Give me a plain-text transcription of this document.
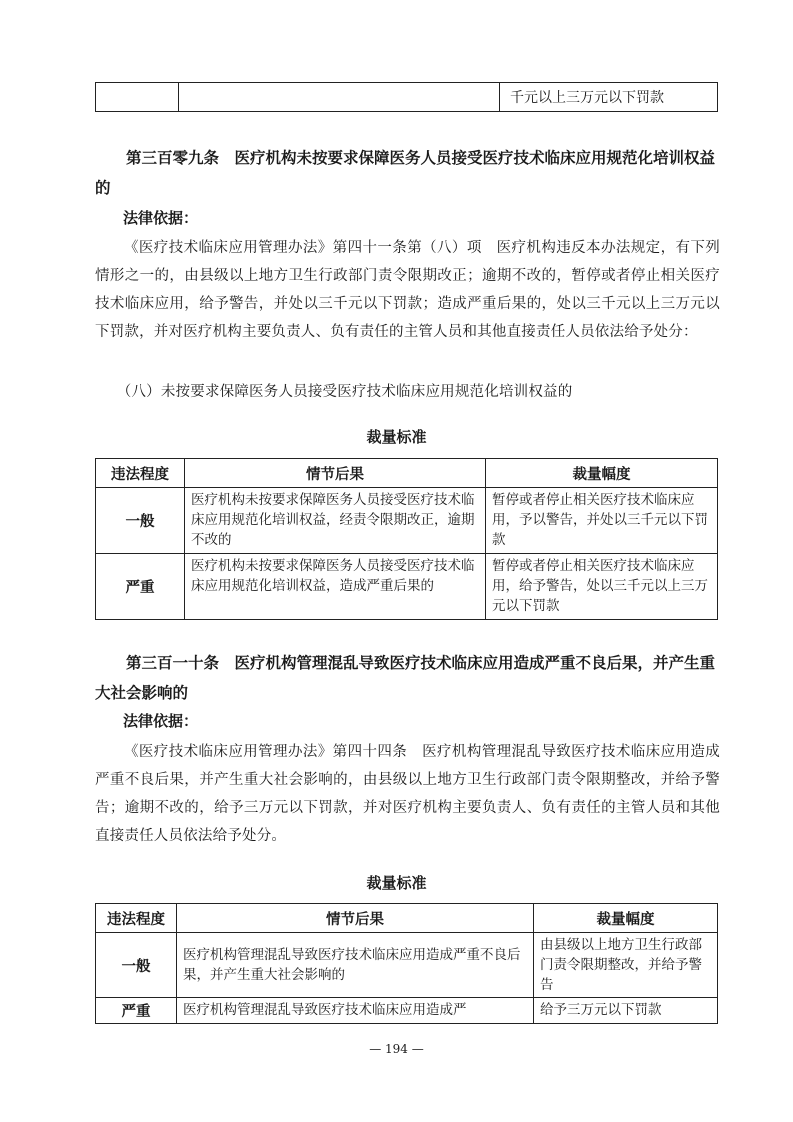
		千元以上三万元以下罚款

第三百零九条　医疗机构未按要求保障医务人员接受医疗技术临床应用规范化培训权益的

法律依据：

《医疗技术临床应用管理办法》第四十一条第（八）项　医疗机构违反本办法规定，有下列情形之一的，由县级以上地方卫生行政部门责令限期改正；逾期不改的，暂停或者停止相关医疗技术临床应用，给予警告，并处以三千元以下罚款；造成严重后果的，处以三千元以上三万元以下罚款，并对医疗机构主要负责人、负有责任的主管人员和其他直接责任人员依法给予处分：

（八）未按要求保障医务人员接受医疗技术临床应用规范化培训权益的

裁量标准
违法程度	情节后果	裁量幅度
一般	医疗机构未按要求保障医务人员接受医疗技术临床应用规范化培训权益，经责令限期改正，逾期不改的	暂停或者停止相关医疗技术临床应用，予以警告，并处以三千元以下罚款
严重	医疗机构未按要求保障医务人员接受医疗技术临床应用规范化培训权益，造成严重后果的	暂停或者停止相关医疗技术临床应用，给予警告，处以三千元以上三万元以下罚款

第三百一十条　医疗机构管理混乱导致医疗技术临床应用造成严重不良后果，并产生重大社会影响的

法律依据：

《医疗技术临床应用管理办法》第四十四条　医疗机构管理混乱导致医疗技术临床应用造成严重不良后果，并产生重大社会影响的，由县级以上地方卫生行政部门责令限期整改，并给予警告；逾期不改的，给予三万元以下罚款，并对医疗机构主要负责人、负有责任的主管人员和其他直接责任人员依法给予处分。

裁量标准
违法程度	情节后果	裁量幅度
一般	医疗机构管理混乱导致医疗技术临床应用造成严重不良后果，并产生重大社会影响的	由县级以上地方卫生行政部门责令限期整改，并给予警告
严重	医疗机构管理混乱导致医疗技术临床应用造成严	给予三万元以下罚款
— 194 —
